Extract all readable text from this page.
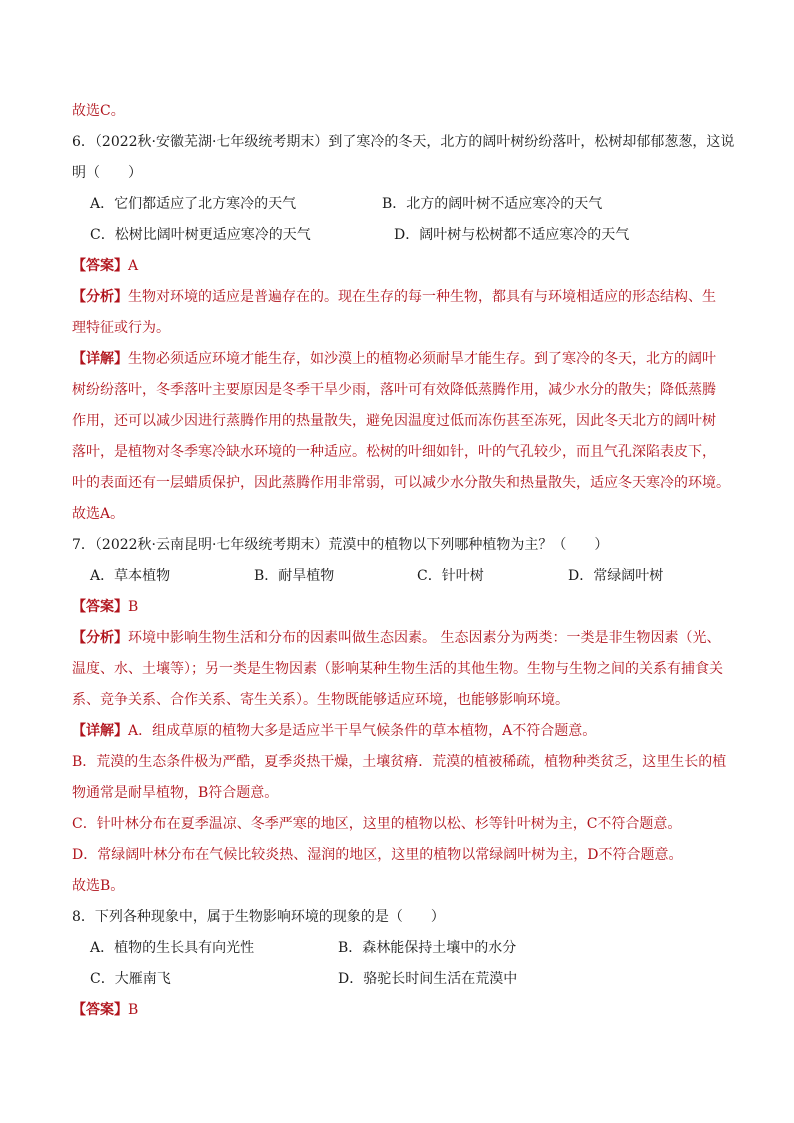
故选C。
6．（2022秋·安徽芜湖·七年级统考期末）到了寒冷的冬天，北方的阔叶树纷纷落叶，松树却郁郁葱葱，这说
明（　　）
A．它们都适应了北方寒冷的天气	B．北方的阔叶树不适应寒冷的天气
C．松树比阔叶树更适应寒冷的天气	D．阔叶树与松树都不适应寒冷的天气
【答案】A
【分析】生物对环境的适应是普遍存在的。现在生存的每一种生物，都具有与环境相适应的形态结构、生
理特征或行为。
【详解】生物必须适应环境才能生存，如沙漠上的植物必须耐旱才能生存。到了寒冷的冬天，北方的阔叶
树纷纷落叶，冬季落叶主要原因是冬季干旱少雨，落叶可有效降低蒸腾作用，减少水分的散失；降低蒸腾
作用，还可以减少因进行蒸腾作用的热量散失，避免因温度过低而冻伤甚至冻死，因此冬天北方的阔叶树
落叶，是植物对冬季寒冷缺水环境的一种适应。松树的叶细如针，叶的气孔较少，而且气孔深陷表皮下，
叶的表面还有一层蜡质保护，因此蒸腾作用非常弱，可以减少水分散失和热量散失，适应冬天寒冷的环境。
故选A。
7．（2022秋·云南昆明·七年级统考期末）荒漠中的植物以下列哪种植物为主？（　　）
A．草本植物	B．耐旱植物	C．针叶树	D．常绿阔叶树
【答案】B
【分析】环境中影响生物生活和分布的因素叫做生态因素。 生态因素分为两类：一类是非生物因素（光、
温度、水、土壤等）；另一类是生物因素（影响某种生物生活的其他生物。生物与生物之间的关系有捕食关
系、竞争关系、合作关系、寄生关系）。生物既能够适应环境，也能够影响环境。
【详解】A．组成草原的植物大多是适应半干旱气候条件的草本植物，A不符合题意。
B．荒漠的生态条件极为严酷，夏季炎热干燥，土壤贫瘠．荒漠的植被稀疏，植物种类贫乏，这里生长的植
物通常是耐旱植物，B符合题意。
C．针叶林分布在夏季温凉、冬季严寒的地区，这里的植物以松、杉等针叶树为主，C不符合题意。
D．常绿阔叶林分布在气候比较炎热、湿润的地区，这里的植物以常绿阔叶树为主，D不符合题意。
故选B。
8．下列各种现象中，属于生物影响环境的现象的是（　　）
A．植物的生长具有向光性	B．森林能保持土壤中的水分
C．大雁南飞	D．骆驼长时间生活在荒漠中
【答案】B
